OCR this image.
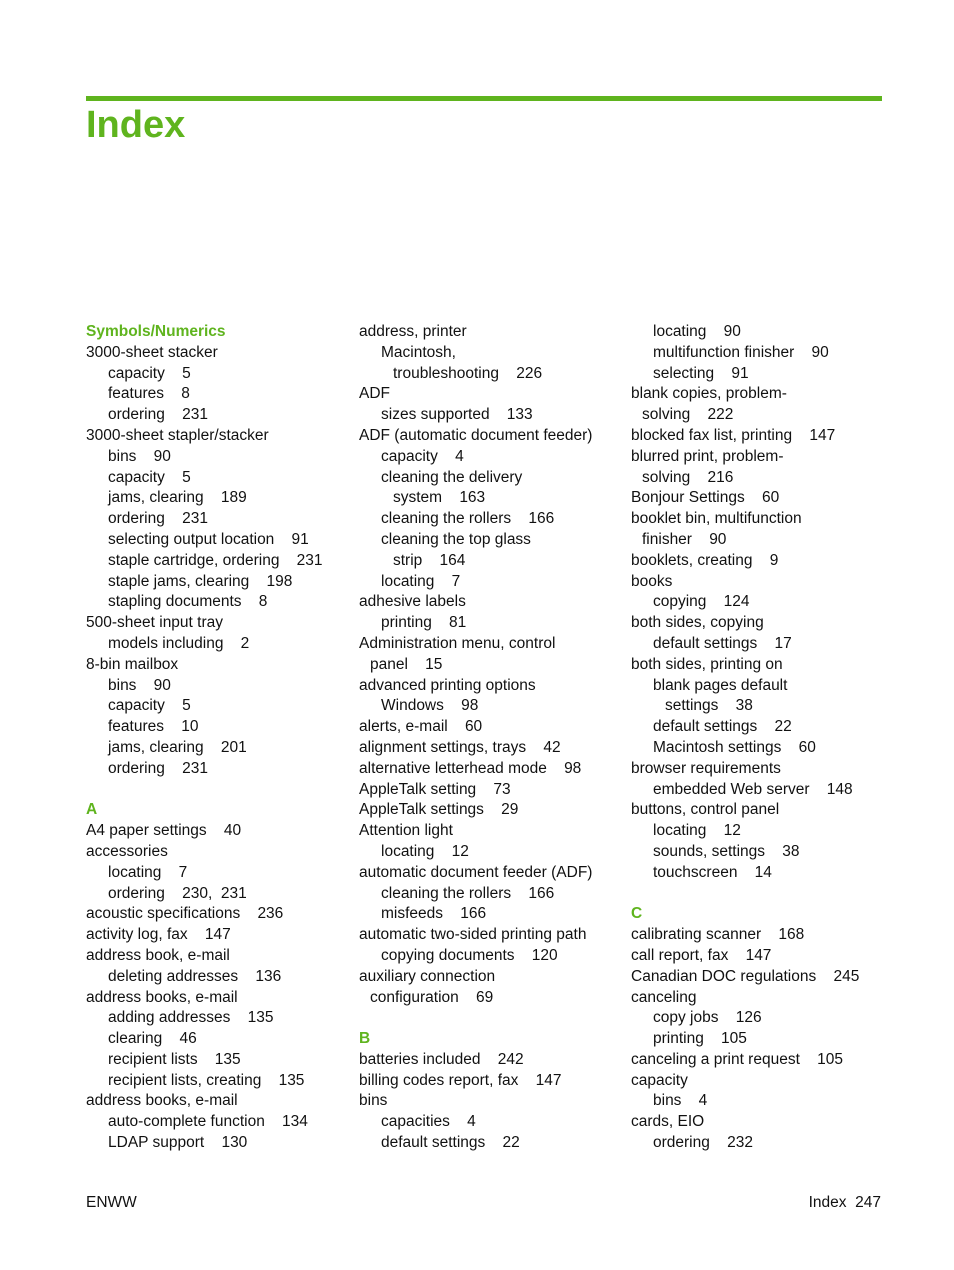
Index
Symbols/Numerics
3000-sheet stacker
capacity    5
features    8
ordering    231
3000-sheet stapler/stacker
bins    90
capacity    5
jams, clearing    189
ordering    231
selecting output location    91
staple cartridge, ordering    231
staple jams, clearing    198
stapling documents    8
500-sheet input tray
models including    2
8-bin mailbox
bins    90
capacity    5
features    10
jams, clearing    201
ordering    231
A
A4 paper settings    40
accessories
locating    7
ordering    230,  231
acoustic specifications    236
activity log, fax    147
address book, e-mail
deleting addresses    136
address books, e-mail
adding addresses    135
clearing    46
recipient lists    135
recipient lists, creating    135
address books, e-mail
auto-complete function    134
LDAP support    130
address, printer
Macintosh,
troubleshooting    226
ADF
sizes supported    133
ADF (automatic document feeder)
capacity    4
cleaning the delivery
system    163
cleaning the rollers    166
cleaning the top glass
strip    164
locating    7
adhesive labels
printing    81
Administration menu, control
panel    15
advanced printing options
Windows    98
alerts, e-mail    60
alignment settings, trays    42
alternative letterhead mode    98
AppleTalk setting    73
AppleTalk settings    29
Attention light
locating    12
automatic document feeder (ADF)
cleaning the rollers    166
misfeeds    166
automatic two-sided printing path
copying documents    120
auxiliary connection
configuration    69
B
batteries included    242
billing codes report, fax    147
bins
capacities    4
default settings    22
locating    90
multifunction finisher    90
selecting    91
blank copies, problem-
solving    222
blocked fax list, printing    147
blurred print, problem-
solving    216
Bonjour Settings    60
booklet bin, multifunction
finisher    90
booklets, creating    9
books
copying    124
both sides, copying
default settings    17
both sides, printing on
blank pages default
settings    38
default settings    22
Macintosh settings    60
browser requirements
embedded Web server    148
buttons, control panel
locating    12
sounds, settings    38
touchscreen    14
C
calibrating scanner    168
call report, fax    147
Canadian DOC regulations    245
canceling
copy jobs    126
printing    105
canceling a print request    105
capacity
bins    4
cards, EIO
ordering    232
ENWW	Index 247
